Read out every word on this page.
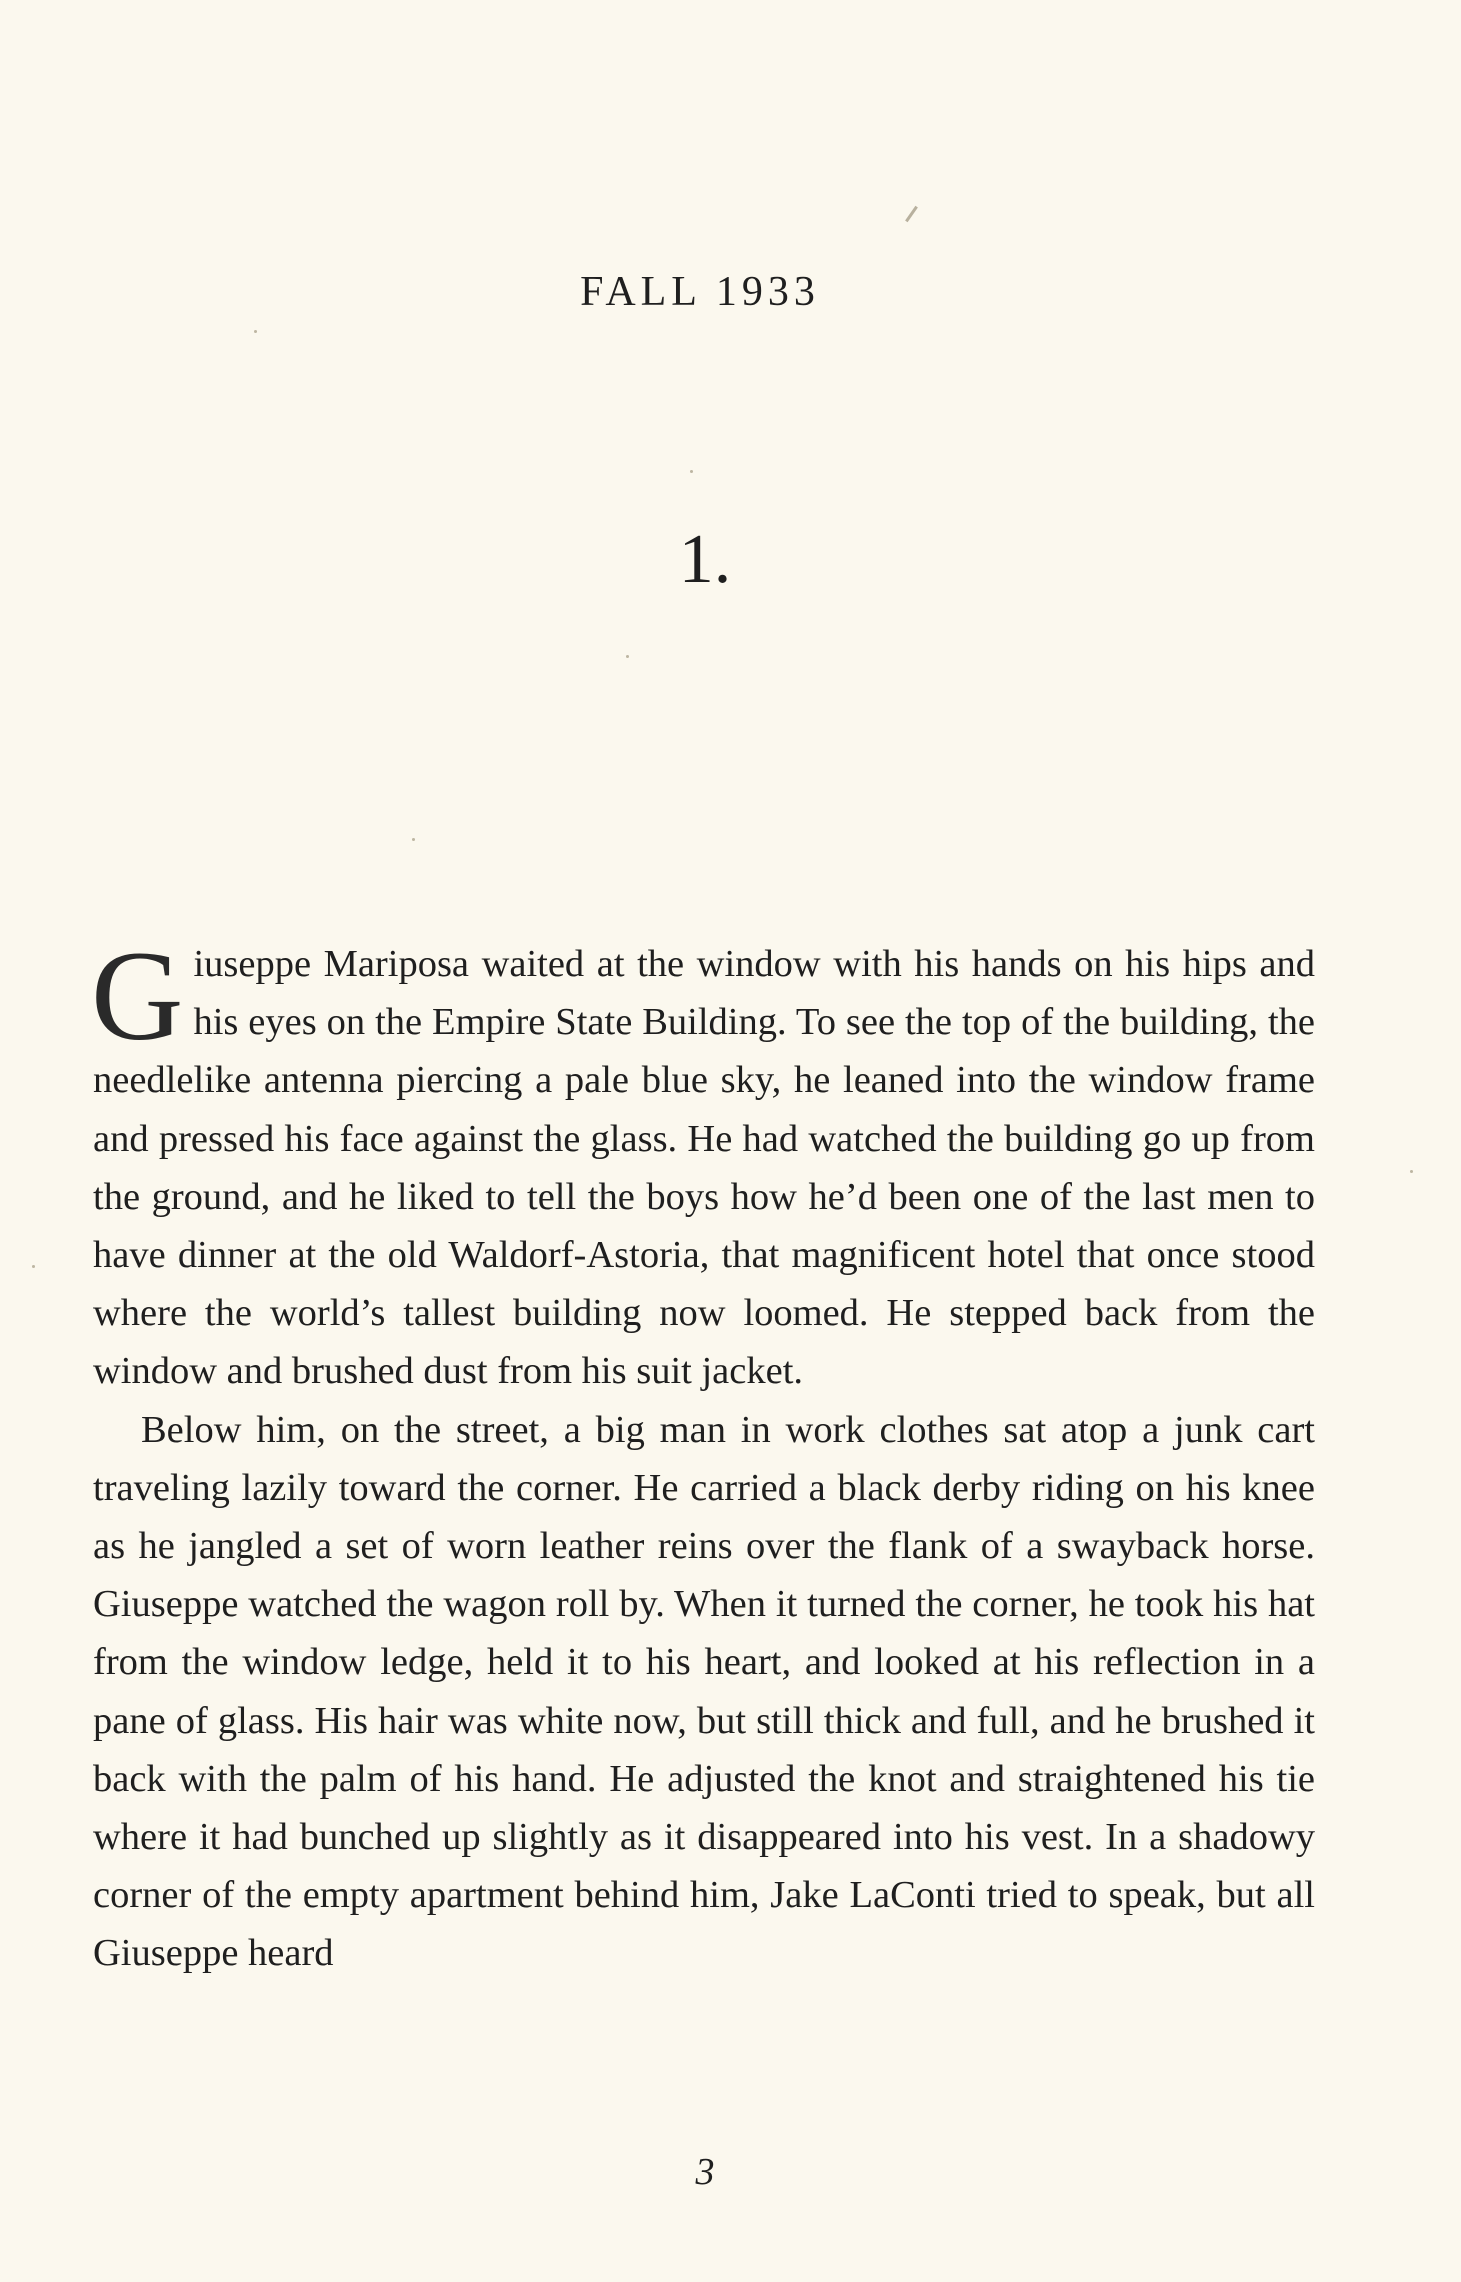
FALL 1933
1.

Giuseppe Mariposa waited at the window with his hands on his hips and his eyes on the Empire State Building. To see the top of the building, the needlelike antenna piercing a pale blue sky, he leaned into the window frame and pressed his face against the glass. He had watched the building go up from the ground, and he liked to tell the boys how he’d been one of the last men to have dinner at the old Waldorf-Astoria, that magnificent hotel that once stood where the world’s tallest building now loomed. He stepped back from the window and brushed dust from his suit jacket.

Below him, on the street, a big man in work clothes sat atop a junk cart traveling lazily toward the corner. He carried a black derby riding on his knee as he jangled a set of worn leather reins over the flank of a swayback horse. Giuseppe watched the wagon roll by. When it turned the corner, he took his hat from the window ledge, held it to his heart, and looked at his reflection in a pane of glass. His hair was white now, but still thick and full, and he brushed it back with the palm of his hand. He adjusted the knot and straightened his tie where it had bunched up slightly as it disappeared into his vest. In a shadowy corner of the empty apartment behind him, Jake LaConti tried to speak, but all Giuseppe heard

3
